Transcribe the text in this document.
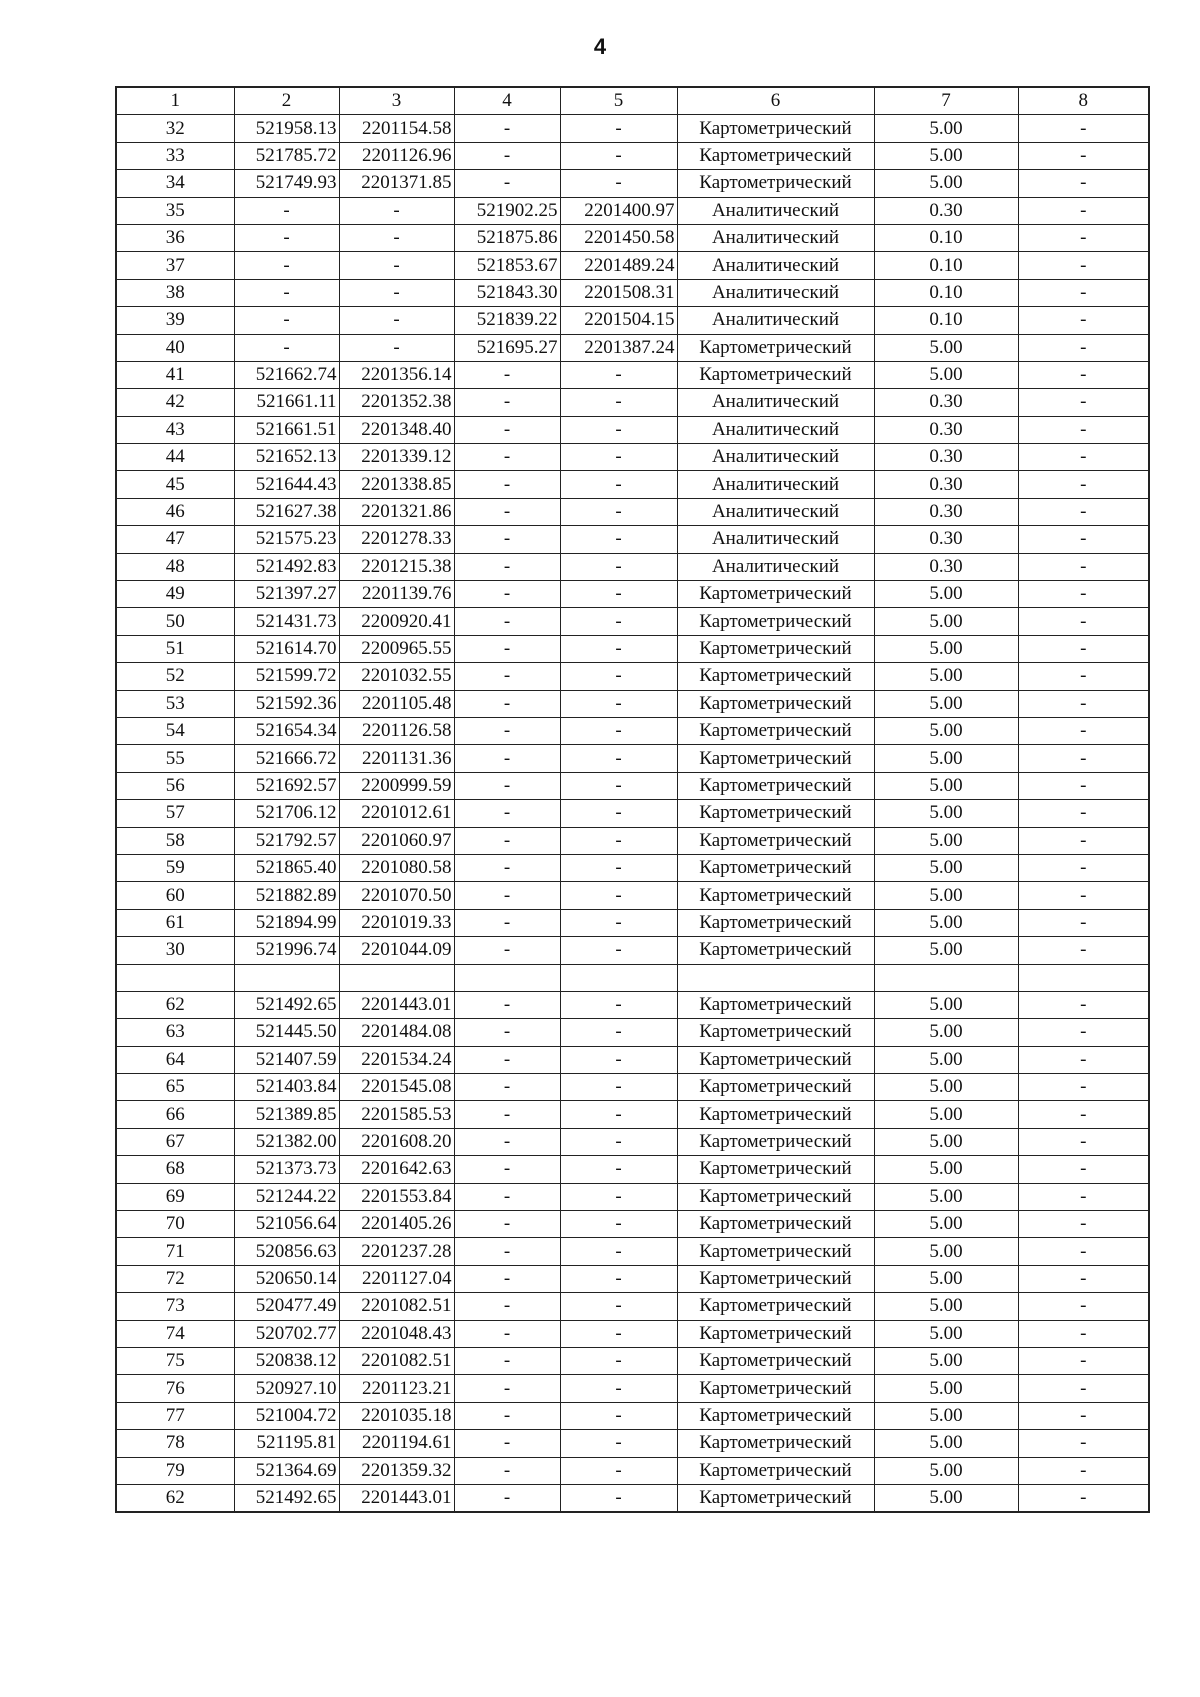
4
1	2	3	4	5	6	7	8
32	521958.13	2201154.58	-	-	Картометрический	5.00	-
33	521785.72	2201126.96	-	-	Картометрический	5.00	-
34	521749.93	2201371.85	-	-	Картометрический	5.00	-
35	-	-	521902.25	2201400.97	Аналитический	0.30	-
36	-	-	521875.86	2201450.58	Аналитический	0.10	-
37	-	-	521853.67	2201489.24	Аналитический	0.10	-
38	-	-	521843.30	2201508.31	Аналитический	0.10	-
39	-	-	521839.22	2201504.15	Аналитический	0.10	-
40	-	-	521695.27	2201387.24	Картометрический	5.00	-
41	521662.74	2201356.14	-	-	Картометрический	5.00	-
42	521661.11	2201352.38	-	-	Аналитический	0.30	-
43	521661.51	2201348.40	-	-	Аналитический	0.30	-
44	521652.13	2201339.12	-	-	Аналитический	0.30	-
45	521644.43	2201338.85	-	-	Аналитический	0.30	-
46	521627.38	2201321.86	-	-	Аналитический	0.30	-
47	521575.23	2201278.33	-	-	Аналитический	0.30	-
48	521492.83	2201215.38	-	-	Аналитический	0.30	-
49	521397.27	2201139.76	-	-	Картометрический	5.00	-
50	521431.73	2200920.41	-	-	Картометрический	5.00	-
51	521614.70	2200965.55	-	-	Картометрический	5.00	-
52	521599.72	2201032.55	-	-	Картометрический	5.00	-
53	521592.36	2201105.48	-	-	Картометрический	5.00	-
54	521654.34	2201126.58	-	-	Картометрический	5.00	-
55	521666.72	2201131.36	-	-	Картометрический	5.00	-
56	521692.57	2200999.59	-	-	Картометрический	5.00	-
57	521706.12	2201012.61	-	-	Картометрический	5.00	-
58	521792.57	2201060.97	-	-	Картометрический	5.00	-
59	521865.40	2201080.58	-	-	Картометрический	5.00	-
60	521882.89	2201070.50	-	-	Картометрический	5.00	-
61	521894.99	2201019.33	-	-	Картометрический	5.00	-
30	521996.74	2201044.09	-	-	Картометрический	5.00	-

62	521492.65	2201443.01	-	-	Картометрический	5.00	-
63	521445.50	2201484.08	-	-	Картометрический	5.00	-
64	521407.59	2201534.24	-	-	Картометрический	5.00	-
65	521403.84	2201545.08	-	-	Картометрический	5.00	-
66	521389.85	2201585.53	-	-	Картометрический	5.00	-
67	521382.00	2201608.20	-	-	Картометрический	5.00	-
68	521373.73	2201642.63	-	-	Картометрический	5.00	-
69	521244.22	2201553.84	-	-	Картометрический	5.00	-
70	521056.64	2201405.26	-	-	Картометрический	5.00	-
71	520856.63	2201237.28	-	-	Картометрический	5.00	-
72	520650.14	2201127.04	-	-	Картометрический	5.00	-
73	520477.49	2201082.51	-	-	Картометрический	5.00	-
74	520702.77	2201048.43	-	-	Картометрический	5.00	-
75	520838.12	2201082.51	-	-	Картометрический	5.00	-
76	520927.10	2201123.21	-	-	Картометрический	5.00	-
77	521004.72	2201035.18	-	-	Картометрический	5.00	-
78	521195.81	2201194.61	-	-	Картометрический	5.00	-
79	521364.69	2201359.32	-	-	Картометрический	5.00	-
62	521492.65	2201443.01	-	-	Картометрический	5.00	-
